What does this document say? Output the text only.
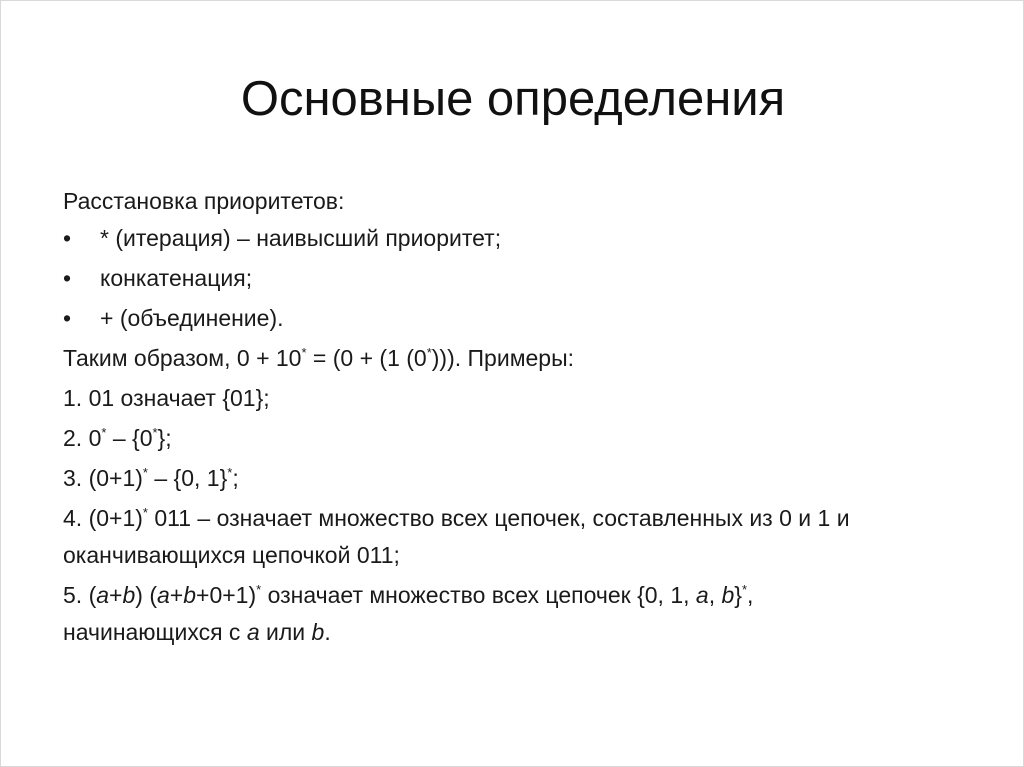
Основные определения
Расстановка приоритетов:
•	* (итерация) – наивысший приоритет;
•	конкатенация;
•	+ (объединение).
Таким образом, 0 + 10* = (0 + (1 (0*))). Примеры:
1. 01 означает {01};
2. 0* – {0*};
3. (0+1)* – {0, 1}*;
4. (0+1)* 011 – означает множество всех цепочек, составленных из 0 и 1 и
оканчивающихся цепочкой 011;
5. (a+b) (a+b+0+1)* означает множество всех цепочек {0, 1, a, b}*,
начинающихся с a или b.
